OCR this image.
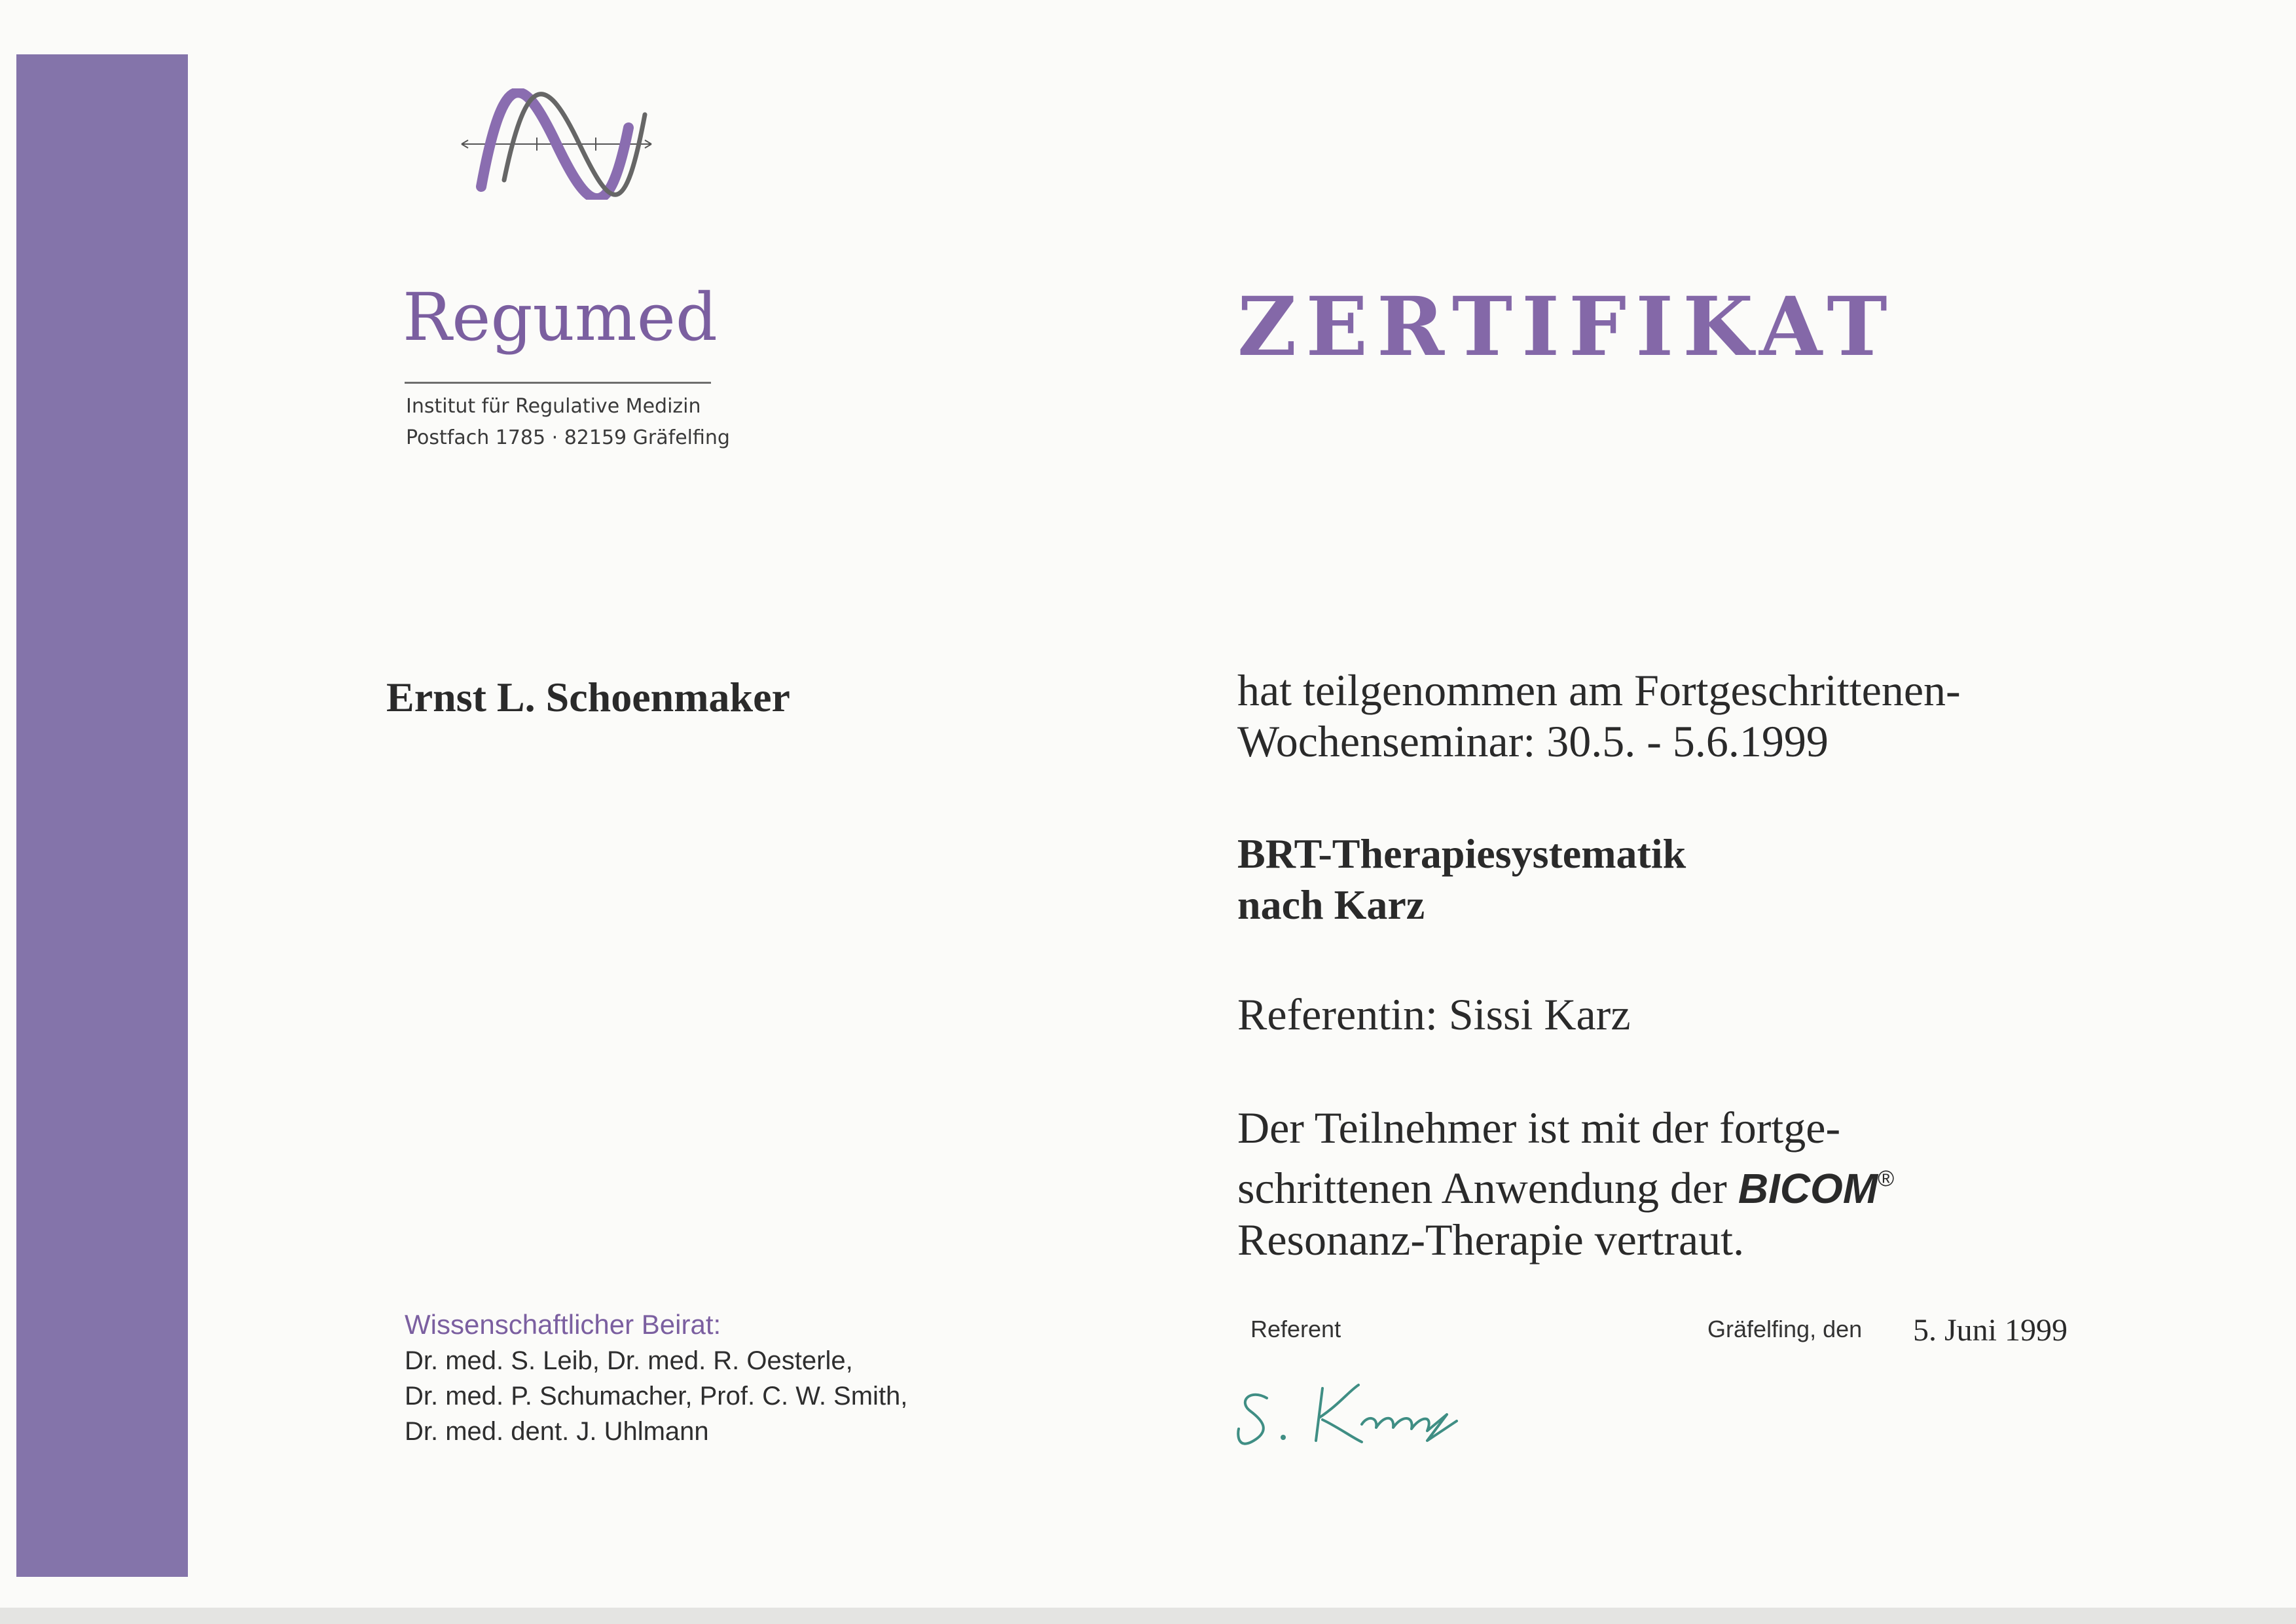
Regumed
Institut für Regulative Medizin
Postfach 1785 · 82159 Gräfelfing
ZERTIFIKAT
Ernst L. Schoenmaker	hat teilgenommen am Fortgeschrittenen-
Wochenseminar: 30.5. - 5.6.1999
BRT-Therapiesystematik
nach Karz
Referentin: Sissi Karz
Der Teilnehmer ist mit der fortge-
schrittenen Anwendung der BICOM®
Resonanz-Therapie vertraut.
Wissenschaftlicher Beirat:
Dr. med. S. Leib, Dr. med. R. Oesterle,
Dr. med. P. Schumacher, Prof. C. W. Smith,
Dr. med. dent. J. Uhlmann
Referent	Gräfelfing, den	5. Juni 1999
